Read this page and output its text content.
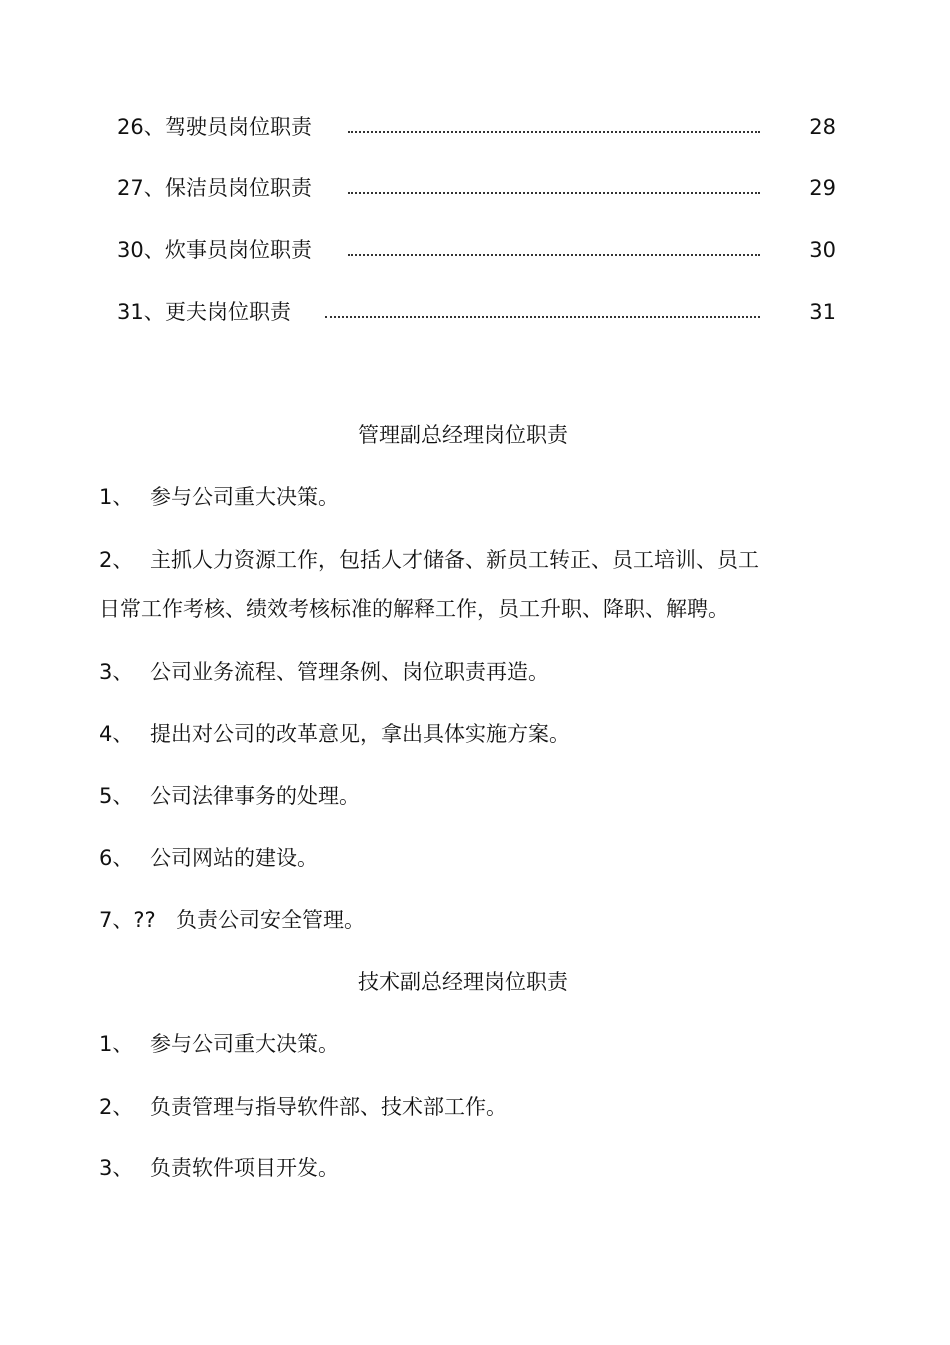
26、 驾驶员岗位职责	28
27、 保洁员岗位职责	29
30、 炊事员岗位职责	30
31、 更夫岗位职责	31
管理副总经理岗位职责
1、 参与公司重大决策。
2、 主抓人力资源工作，包括人才储备、新员工转正、员工培训、员工
日常工作考核、绩效考核标准的解释工作，员工升职、降职、解聘。
3、 公司业务流程、管理条例、岗位职责再造。
4、 提出对公司的改革意见，拿出具体实施方案。
5、 公司法律事务的处理。
6、 公司网站的建设。
7、?? 负责公司安全管理。
技术副总经理岗位职责
1、 参与公司重大决策。
2、 负责管理与指导软件部、技术部工作。
3、 负责软件项目开发。
